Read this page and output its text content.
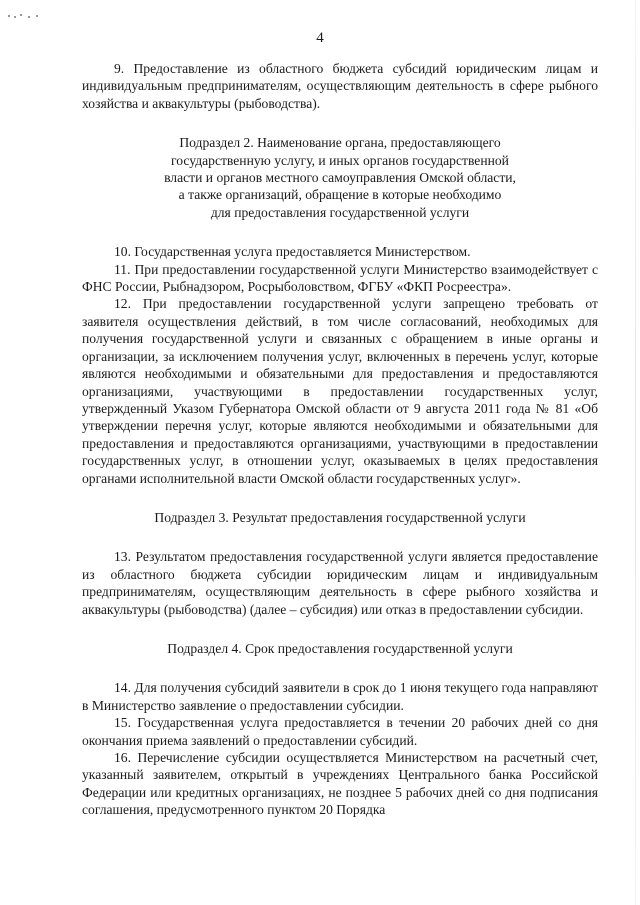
4

9. Предоставление из областного бюджета субсидий юридическим лицам и индивидуальным предпринимателям, осуществляющим деятельность в сфере рыбного хозяйства и аквакультуры (рыбоводства).

Подраздел 2. Наименование органа, предоставляющего

государственную услугу, и иных органов государственной

власти и органов местного самоуправления Омской области,

а также организаций, обращение в которые необходимо

для предоставления государственной услуги

10. Государственная услуга предоставляется Министерством.

11. При предоставлении государственной услуги Министерство взаимодействует с ФНС России, Рыбнадзором, Росрыболовством, ФГБУ «ФКП Росреестра».

12. При предоставлении государственной услуги запрещено требовать от заявителя осуществления действий, в том числе согласований, необходимых для получения государственной услуги и связанных с обращением в иные органы и организации, за исключением получения услуг, включенных в перечень услуг, которые являются необходимыми и обязательными для предоставления и предоставляются организациями, участвующими в предоставлении государственных услуг, утвержденный Указом Губернатора Омской области от 9 августа 2011 года № 81 «Об утверждении перечня услуг, которые являются необходимыми и обязательными для предоставления и предоставляются организациями, участвующими в предоставлении государственных услуг, в отношении услуг, оказываемых в целях предоставления органами исполнительной власти Омской области государственных услуг».

Подраздел 3. Результат предоставления государственной услуги

13. Результатом предоставления государственной услуги является предоставление из областного бюджета субсидии юридическим лицам и индивидуальным предпринимателям, осуществляющим деятельность в сфере рыбного хозяйства и аквакультуры (рыбоводства) (далее – субсидия) или отказ в предоставлении субсидии.

Подраздел 4. Срок предоставления государственной услуги

14. Для получения субсидий заявители в срок до 1 июня текущего года направляют в Министерство заявление о предоставлении субсидии.

15. Государственная услуга предоставляется в течении 20 рабочих дней со дня окончания приема заявлений о предоставлении субсидий.

16. Перечисление субсидии осуществляется Министерством на расчетный счет, указанный заявителем, открытый в учреждениях Центрального банка Российской Федерации или кредитных организациях, не позднее 5 рабочих дней со дня подписания соглашения, предусмотренного пунктом 20 Порядка
